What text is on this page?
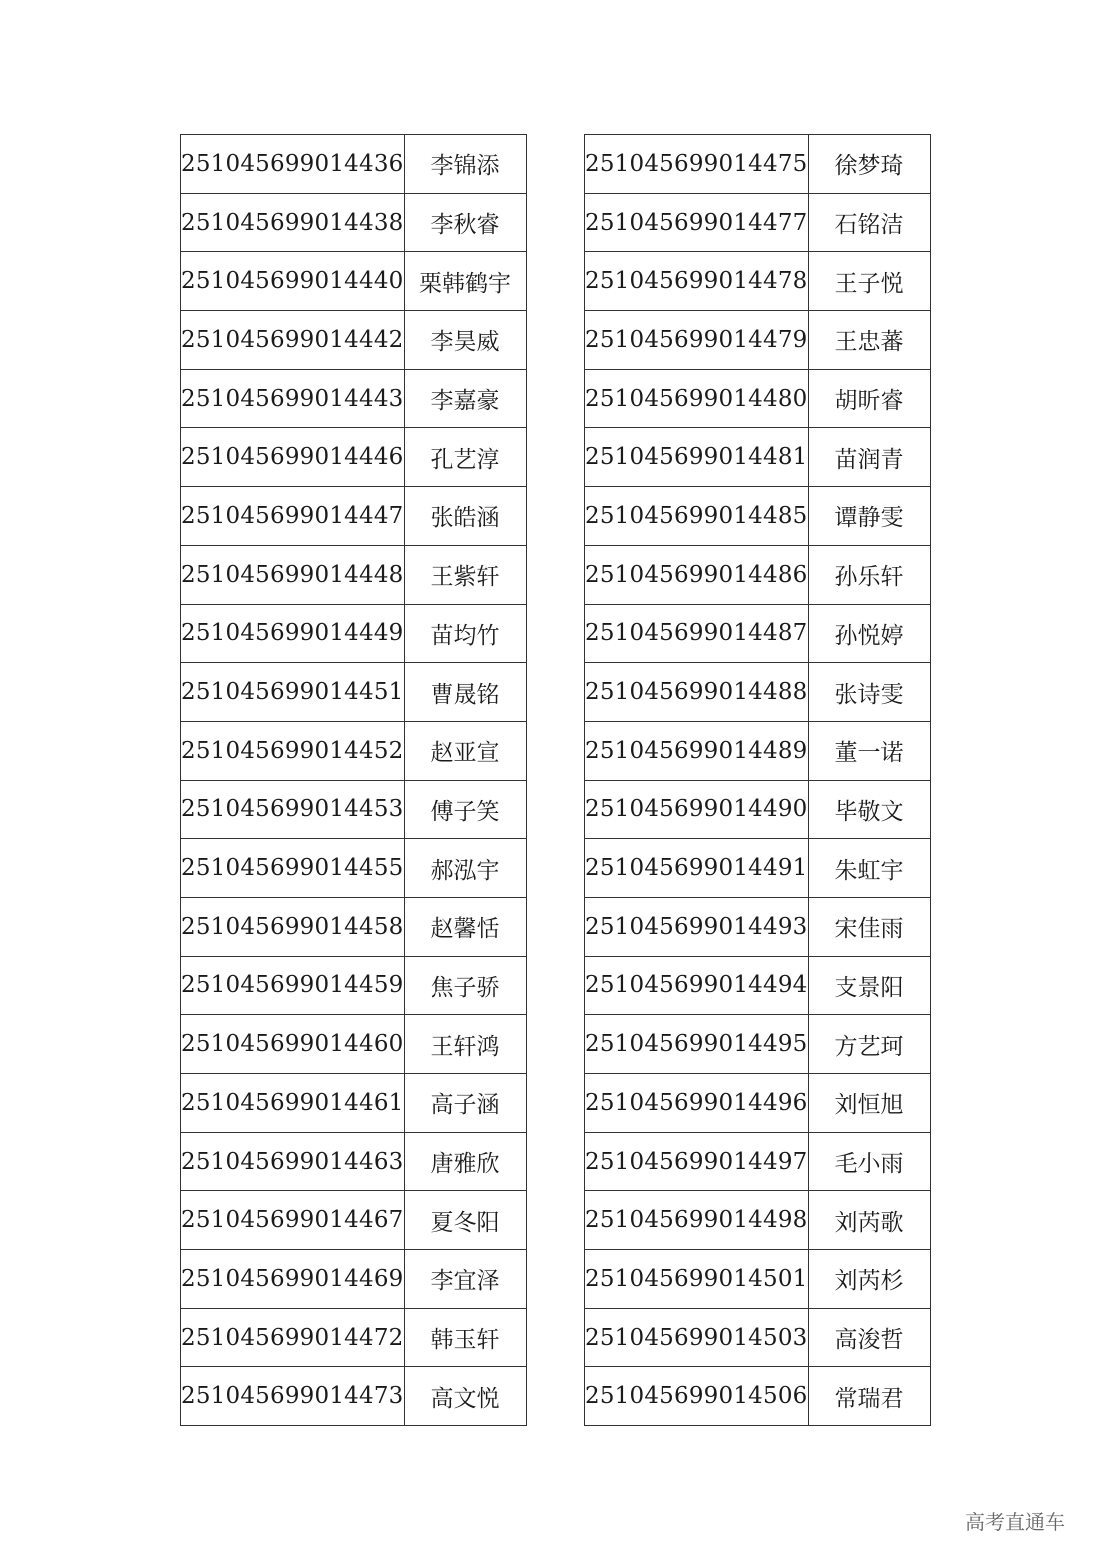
251045699014436	李锦添
251045699014438	李秋睿
251045699014440	栗韩鹤宇
251045699014442	李昊威
251045699014443	李嘉豪
251045699014446	孔艺淳
251045699014447	张皓涵
251045699014448	王紫轩
251045699014449	苗均竹
251045699014451	曹晟铭
251045699014452	赵亚宣
251045699014453	傅子笑
251045699014455	郝泓宇
251045699014458	赵馨恬
251045699014459	焦子骄
251045699014460	王轩鸿
251045699014461	高子涵
251045699014463	唐雅欣
251045699014467	夏冬阳
251045699014469	李宜泽
251045699014472	韩玉轩
251045699014473	高文悦
251045699014475	徐梦琦
251045699014477	石铭洁
251045699014478	王子悦
251045699014479	王忠蕃
251045699014480	胡昕睿
251045699014481	苗润青
251045699014485	谭静雯
251045699014486	孙乐轩
251045699014487	孙悦婷
251045699014488	张诗雯
251045699014489	董一诺
251045699014490	毕敬文
251045699014491	朱虹宇
251045699014493	宋佳雨
251045699014494	支景阳
251045699014495	方艺珂
251045699014496	刘恒旭
251045699014497	毛小雨
251045699014498	刘芮歌
251045699014501	刘芮杉
251045699014503	高浚哲
251045699014506	常瑞君
高考直通车
